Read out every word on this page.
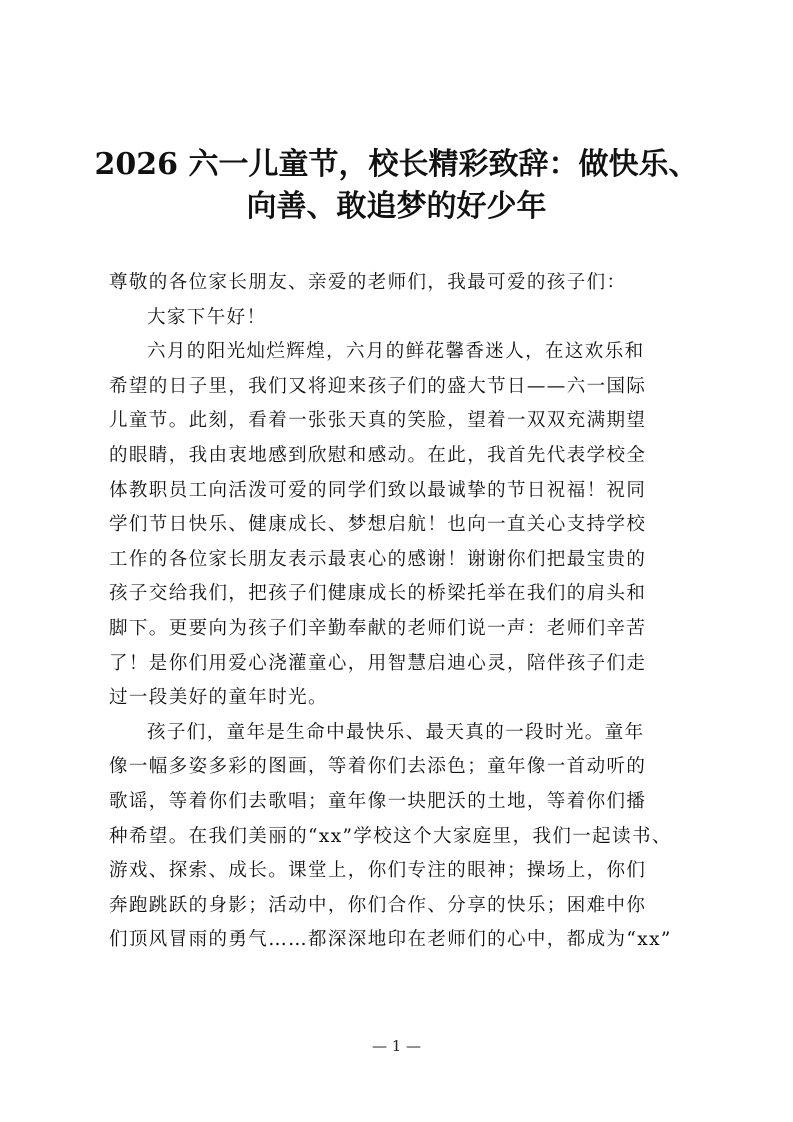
2026 六一儿童节，校长精彩致辞：做快乐、
向善、敢追梦的好少年
尊敬的各位家长朋友、亲爱的老师们，我最可爱的孩子们：
大家下午好！
六月的阳光灿烂辉煌，六月的鲜花馨香迷人，在这欢乐和
希望的日子里，我们又将迎来孩子们的盛大节日——六一国际
儿童节。此刻，看着一张张天真的笑脸，望着一双双充满期望
的眼睛，我由衷地感到欣慰和感动。在此，我首先代表学校全
体教职员工向活泼可爱的同学们致以最诚挚的节日祝福！祝同
学们节日快乐、健康成长、梦想启航！也向一直关心支持学校
工作的各位家长朋友表示最衷心的感谢！谢谢你们把最宝贵的
孩子交给我们，把孩子们健康成长的桥梁托举在我们的肩头和
脚下。更要向为孩子们辛勤奉献的老师们说一声：老师们辛苦
了！是你们用爱心浇灌童心，用智慧启迪心灵，陪伴孩子们走
过一段美好的童年时光。
孩子们，童年是生命中最快乐、最天真的一段时光。童年
像一幅多姿多彩的图画，等着你们去添色；童年像一首动听的
歌谣，等着你们去歌唱；童年像一块肥沃的土地，等着你们播
种希望。在我们美丽的“xx”学校这个大家庭里，我们一起读书、
游戏、探索、成长。课堂上，你们专注的眼神；操场上，你们
奔跑跳跃的身影；活动中，你们合作、分享的快乐；困难中你
们顶风冒雨的勇气……都深深地印在老师们的心中，都成为“xx”
— 1 —
